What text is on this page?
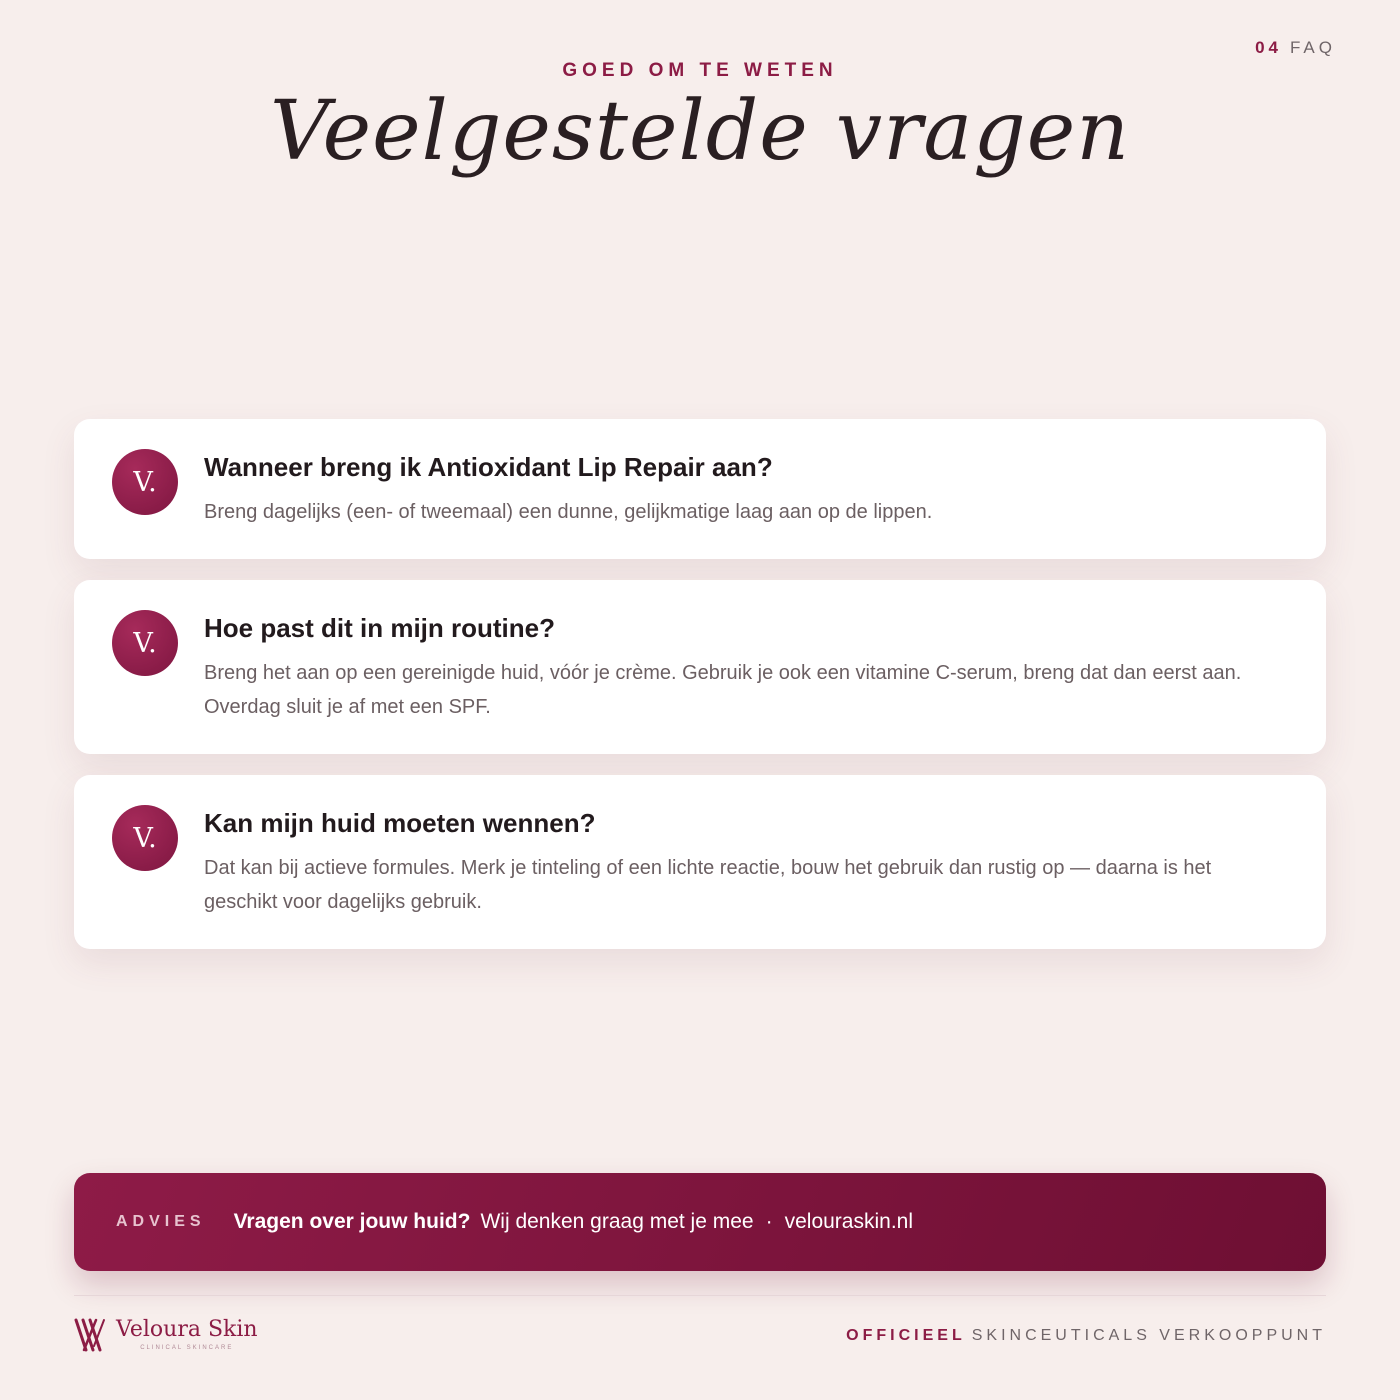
04 FAQ
GOED OM TE WETEN
Veelgestelde vragen
V.	Wanneer breng ik Antioxidant Lip Repair aan?
Breng dagelijks (een- of tweemaal) een dunne, gelijkmatige laag aan op de lippen.
V.	Hoe past dit in mijn routine?
Breng het aan op een gereinigde huid, vóór je crème. Gebruik je ook een vitamine C-serum, breng dat dan eerst aan. Overdag sluit je af met een SPF.
V.	Kan mijn huid moeten wennen?
Dat kan bij actieve formules. Merk je tinteling of een lichte reactie, bouw het gebruik dan rustig op — daarna is het geschikt voor dagelijks gebruik.
ADVIES Vragen over jouw huid? Wij denken graag met je mee · velouraskin.nl
Veloura Skin
CLINICAL SKINCARE
OFFICIEEL SKINCEUTICALS VERKOOPPUNT
